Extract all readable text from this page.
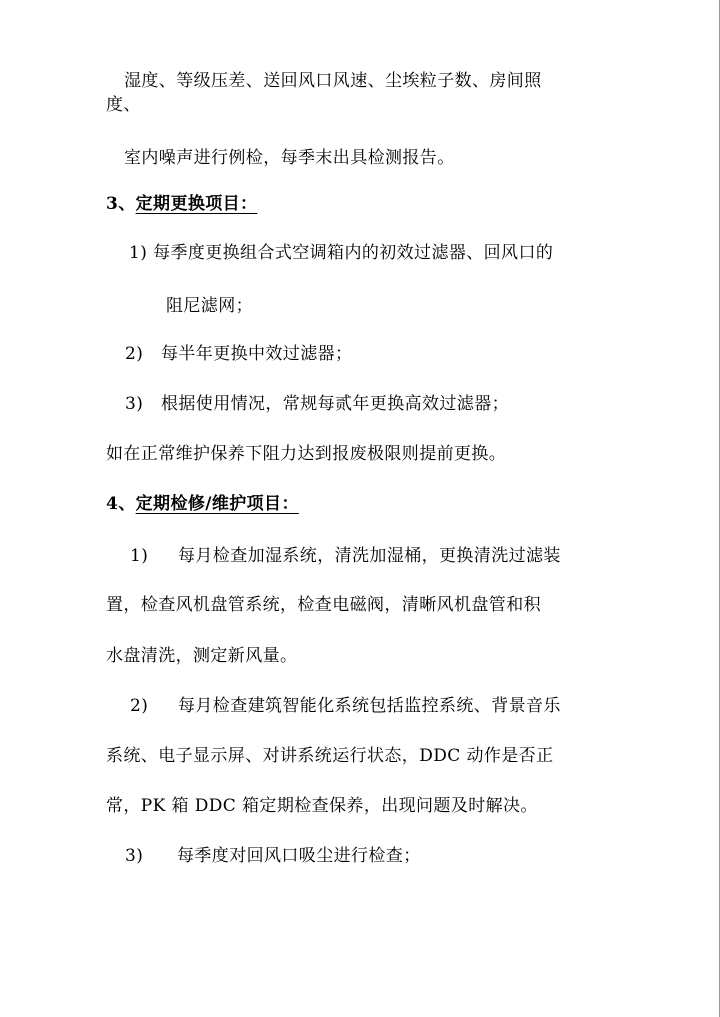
湿度、等级压差、送回风口风速、尘埃粒子数、房间照
度、
室内噪声进行例检，每季末出具检测报告。
3、定期更换项目：
1) 每季度更换组合式空调箱内的初效过滤器、回风口的
阻尼滤网；
2) 每半年更换中效过滤器；
3) 根据使用情况，常规每贰年更换高效过滤器；
如在正常维护保养下阻力达到报废极限则提前更换。
4、定期检修/维护项目：
1) 每月检查加湿系统，清洗加湿桶，更换清洗过滤装
置，检查风机盘管系统，检查电磁阀，清晰风机盘管和积
水盘清洗，测定新风量。
2) 每月检查建筑智能化系统包括监控系统、背景音乐
系统、电子显示屏、对讲系统运行状态，DDC 动作是否正
常，PK 箱 DDC 箱定期检查保养，出现问题及时解决。
3) 每季度对回风口吸尘进行检查；
